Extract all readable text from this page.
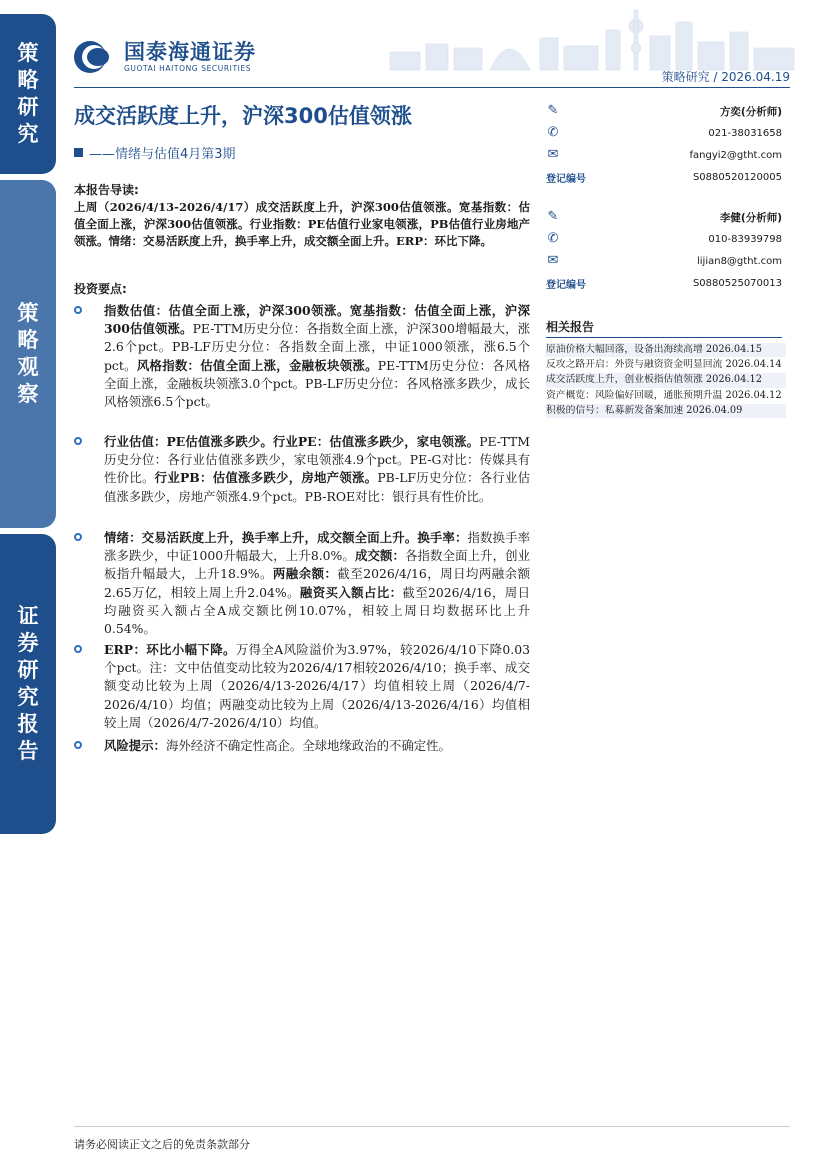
策
略
研
究
策
略
观
察
证
券
研
究
报
告
国泰海通证券
GUOTAI HAITONG SECURITIES
策略研究 / 2026.04.19
成交活跃度上升，沪深300估值领涨
——情绪与估值4月第3期
✎	方奕(分析师)
✆	021-38031658
✉	fangyi2@gtht.com
登记编号	S0880520120005
✎	李健(分析师)
✆	010-83939798
✉	lijian8@gtht.com
登记编号	S0880525070013
相关报告
原油价格大幅回落，设备出海续高增 2026.04.15
反攻之路开启：外资与融资资金明显回流 2026.04.14
成交活跃度上升，创业板指估值领涨 2026.04.12
资产概览：风险偏好回暖，通胀预期升温 2026.04.12
积极的信号：私募新发备案加速 2026.04.09
本报告导读:
上周（2026/4/13-2026/4/17）成交活跃度上升，沪深300估值领涨。宽基指数：估值全面上涨，沪深300估值领涨。行业指数：PE估值行业家电领涨，PB估值行业房地产领涨。情绪：交易活跃度上升，换手率上升，成交额全面上升。ERP：环比下降。
投资要点:
指数估值：估值全面上涨，沪深300领涨。宽基指数：估值全面上涨，沪深300估值领涨。PE-TTM历史分位：各指数全面上涨，沪深300增幅最大，涨2.6个pct。PB-LF历史分位：各指数全面上涨，中证1000领涨，涨6.5个pct。风格指数：估值全面上涨，金融板块领涨。PE-TTM历史分位：各风格全面上涨，金融板块领涨3.0个pct。PB-LF历史分位：各风格涨多跌少，成长风格领涨6.5个pct。
行业估值：PE估值涨多跌少。行业PE：估值涨多跌少，家电领涨。PE-TTM历史分位：各行业估值涨多跌少，家电领涨4.9个pct。PE-G对比：传媒具有性价比。行业PB：估值涨多跌少，房地产领涨。PB-LF历史分位：各行业估值涨多跌少，房地产领涨4.9个pct。PB-ROE对比：银行具有性价比。
情绪：交易活跃度上升，换手率上升，成交额全面上升。换手率：指数换手率涨多跌少，中证1000升幅最大，上升8.0%。成交额：各指数全面上升，创业板指升幅最大，上升18.9%。两融余额：截至2026/4/16，周日均两融余额2.65万亿，相较上周上升2.04%。融资买入额占比：截至2026/4/16，周日均融资买入额占全A成交额比例10.07%，相较上周日均数据环比上升0.54%。
ERP：环比小幅下降。万得全A风险溢价为3.97%，较2026/4/10下降0.03个pct。注：文中估值变动比较为2026/4/17相较2026/4/10；换手率、成交额变动比较为上周（2026/4/13-2026/4/17）均值相较上周（2026/4/7-2026/4/10）均值；两融变动比较为上周（2026/4/13-2026/4/16）均值相较上周（2026/4/7-2026/4/10）均值。
风险提示：海外经济不确定性高企。全球地缘政治的不确定性。
请务必阅读正文之后的免责条款部分
